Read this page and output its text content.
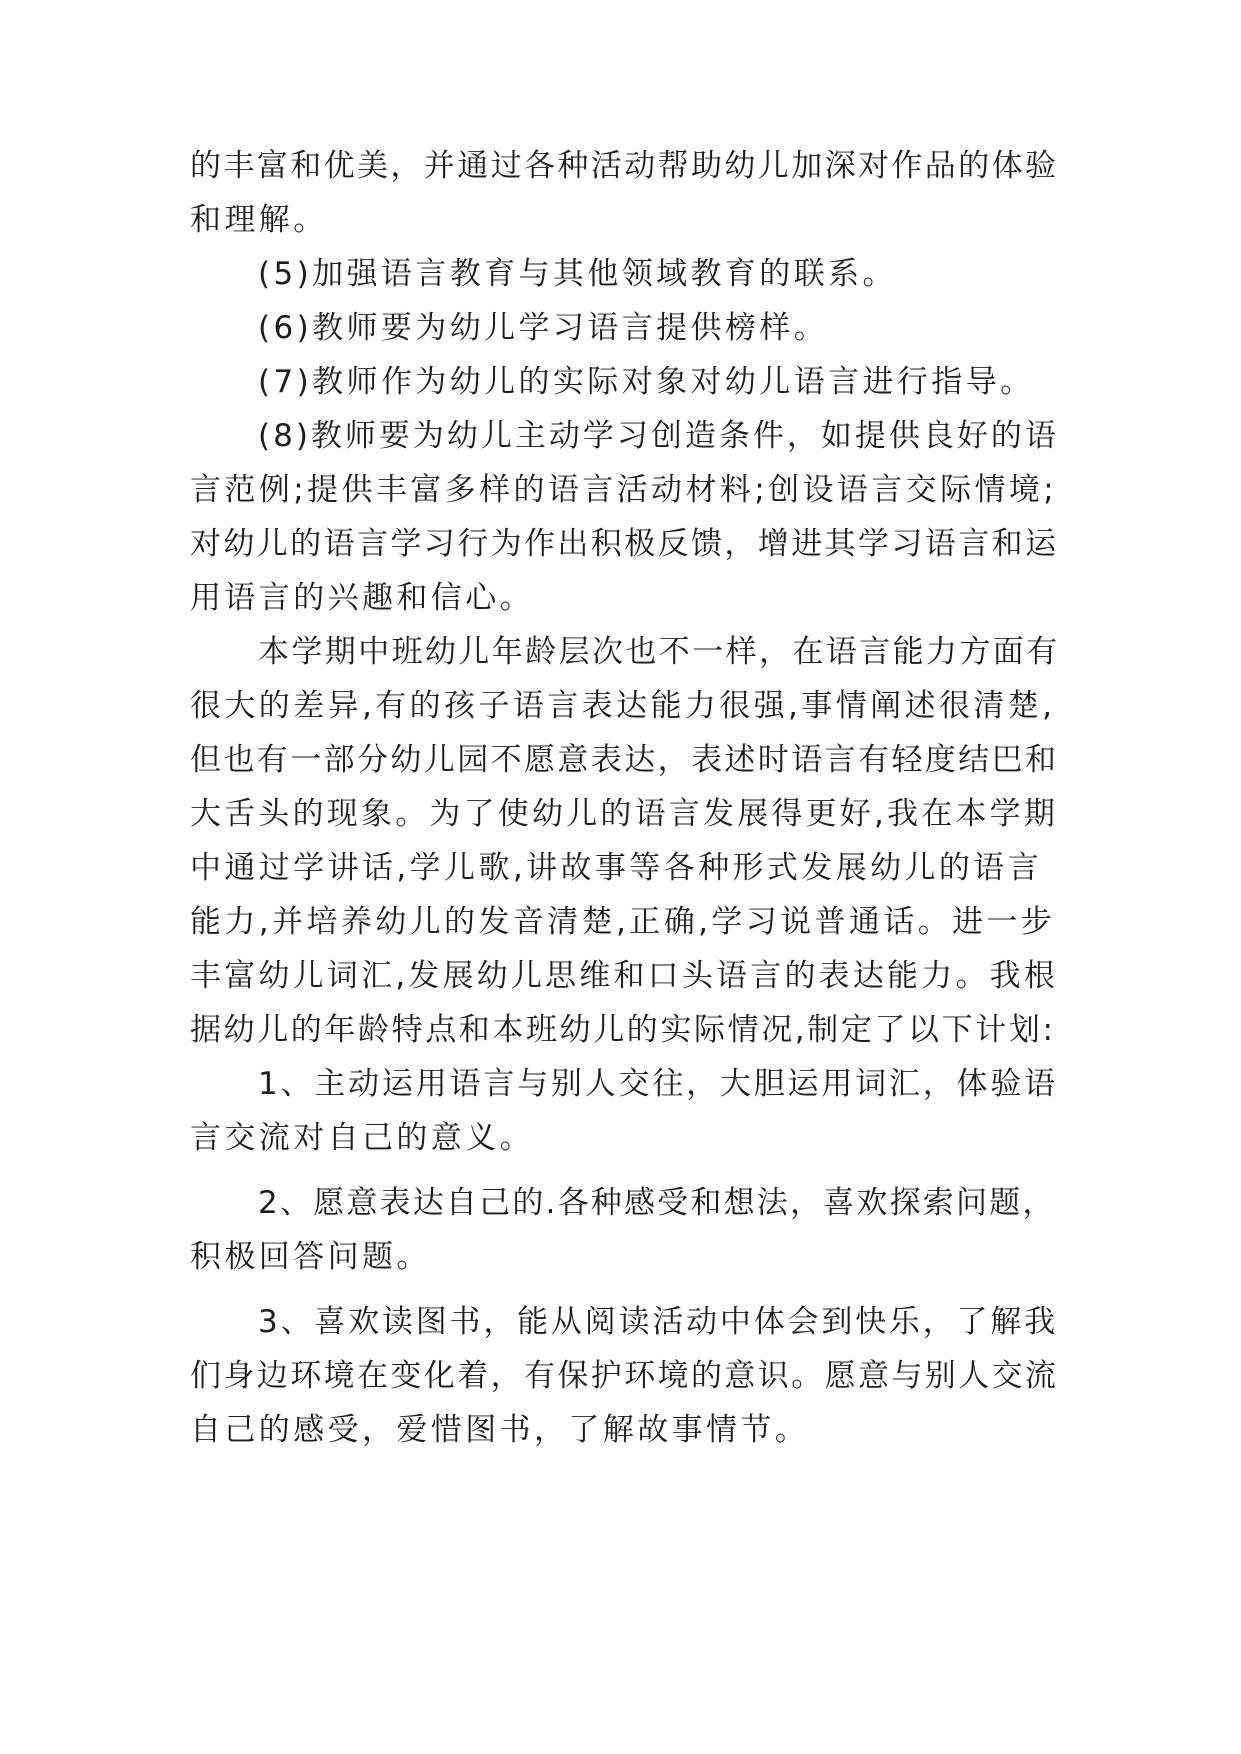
的丰富和优美，并通过各种活动帮助幼儿加深对作品的体验
和理解。
(5)加强语言教育与其他领域教育的联系。
(6)教师要为幼儿学习语言提供榜样。
(7)教师作为幼儿的实际对象对幼儿语言进行指导。
(8)教师要为幼儿主动学习创造条件，如提供良好的语
言范例;提供丰富多样的语言活动材料;创设语言交际情境;
对幼儿的语言学习行为作出积极反馈，增进其学习语言和运
用语言的兴趣和信心。
本学期中班幼儿年龄层次也不一样，在语言能力方面有
很大的差异,有的孩子语言表达能力很强,事情阐述很清楚,
但也有一部分幼儿园不愿意表达，表述时语言有轻度结巴和
大舌头的现象。为了使幼儿的语言发展得更好,我在本学期
中通过学讲话,学儿歌,讲故事等各种形式发展幼儿的语言
能力,并培养幼儿的发音清楚,正确,学习说普通话。进一步
丰富幼儿词汇,发展幼儿思维和口头语言的表达能力。我根
据幼儿的年龄特点和本班幼儿的实际情况,制定了以下计划:
1、主动运用语言与别人交往，大胆运用词汇，体验语
言交流对自己的意义。
2、愿意表达自己的.各种感受和想法，喜欢探索问题，
积极回答问题。
3、喜欢读图书，能从阅读活动中体会到快乐，了解我
们身边环境在变化着，有保护环境的意识。愿意与别人交流
自己的感受，爱惜图书，了解故事情节。
